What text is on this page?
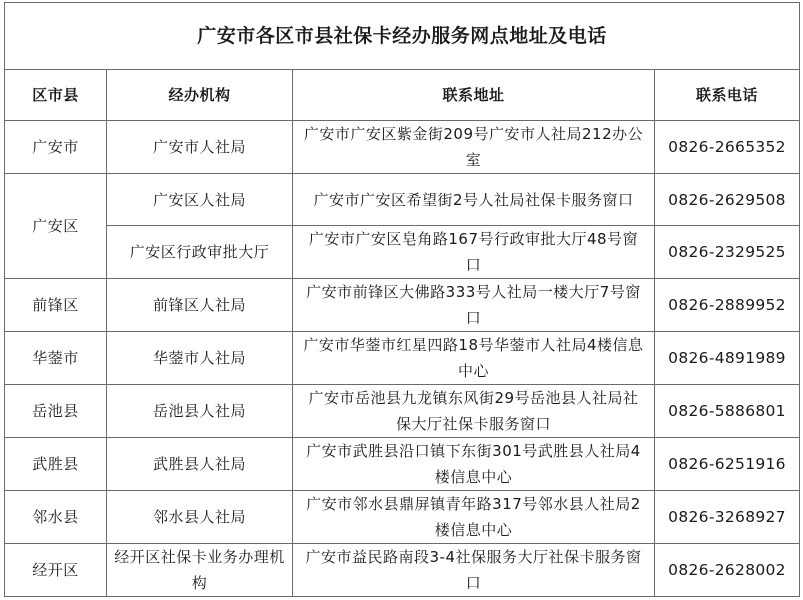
广安市各区市县社保卡经办服务网点地址及电话			
区市县	经办机构	联系地址	联系电话
广安市	广安市人社局	广安市广安区紫金街209号广安市人社局212办公室	0826-2665352
广安区	广安区人社局	广安市广安区希望街2号人社局社保卡服务窗口	0826-2629508
	广安区行政审批大厅	广安市广安区皂角路167号行政审批大厅48号窗口	0826-2329525
前锋区	前锋区人社局	广安市前锋区大佛路333号人社局一楼大厅7号窗口	0826-2889952
华蓥市	华蓥市人社局	广安市华蓥市红星四路18号华蓥市人社局4楼信息中心	0826-4891989
岳池县	岳池县人社局	广安市岳池县九龙镇东风街29号岳池县人社局社保大厅社保卡服务窗口	0826-5886801
武胜县	武胜县人社局	广安市武胜县沿口镇下东街301号武胜县人社局4楼信息中心	0826-6251916
邻水县	邻水县人社局	广安市邻水县鼎屏镇青年路317号邻水县人社局2楼信息中心	0826-3268927
经开区	经开区社保卡业务办理机构	广安市益民路南段3-4社保服务大厅社保卡服务窗口	0826-2628002
